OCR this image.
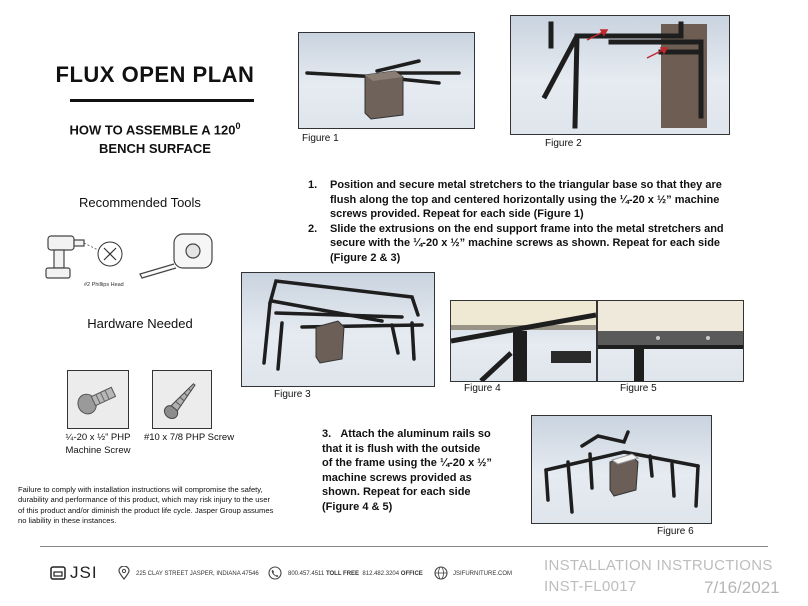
FLUX OPEN PLAN
HOW TO ASSEMBLE A $120^0$
BENCH SURFACE
Recommended Tools
#2 Phillips Head
Hardware Needed
¼-20 x ½” PHP
Machine Screw
#10 x 7/8 PHP Screw
Failure to comply with installation instructions will compromise the safety, durability and performance of this product, which may risk injury to the user of this product and/or diminish the product life cycle. Jasper Group assumes no liability in these instances.
Figure 1	Figure 2
1. Position and secure metal stretchers to the triangular base so that they are flush along the top and centered horizontally using the ¼-20 x ½” machine screws provided. Repeat for each side (Figure 1)
2. Slide the extrusions on the end support frame into the metal stretchers and secure with the ¼-20 x ½” machine screws as shown. Repeat for each side (Figure 2 & 3)
Figure 3
Figure 4	Figure 5
3. Attach the aluminum rails so that it is flush with the outside of the frame using the ¼-20 x ½” machine screws provided as shown. Repeat for each side (Figure 4 & 5)
Figure 6
JSI	225 CLAY STREET JASPER, INDIANA 47546	800.457.4511 TOLL FREE 812.482.3204 OFFICE	JSIFURNITURE.COM INSTALLATION INSTRUCTIONS
INST-FL0017	7/16/2021
